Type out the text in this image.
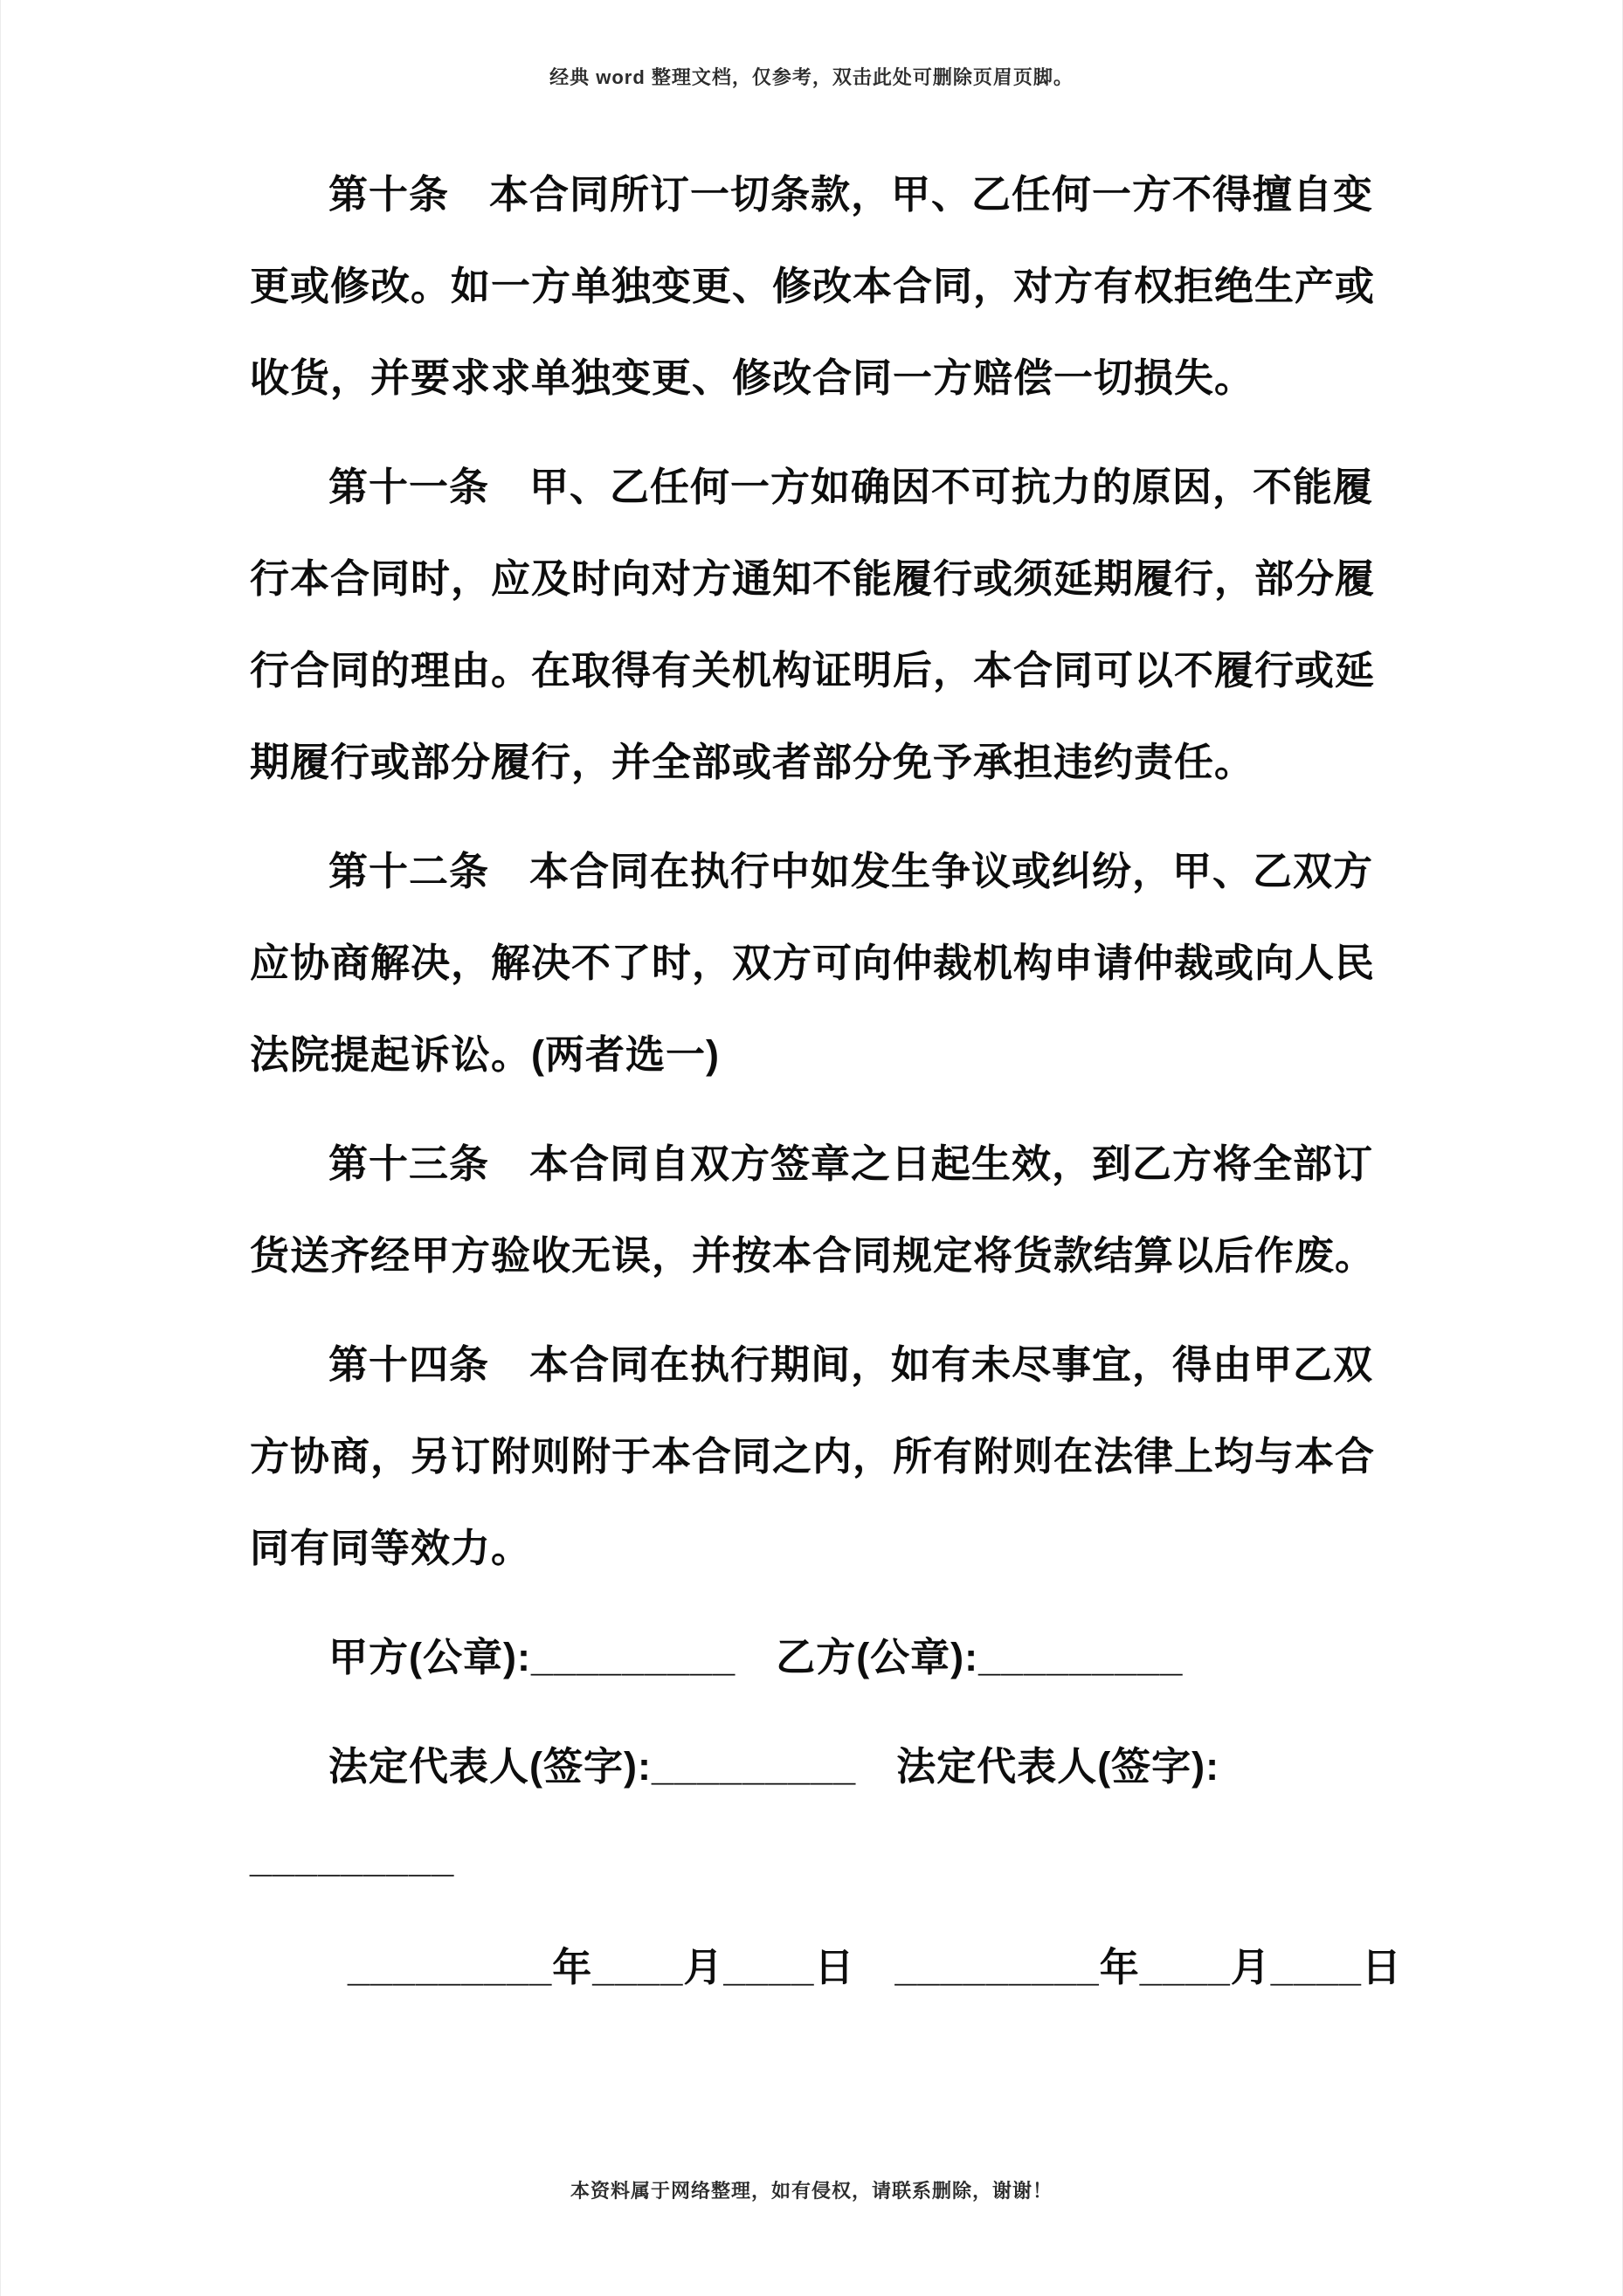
经典 word 整理文档，仅参考，双击此处可删除页眉页脚。
第十条　本合同所订一切条款，甲、乙任何一方不得擅自变
更或修改。如一方单独变更、修改本合同，对方有权拒绝生产或
收货，并要求求单独变更、修改合同一方赔偿一切损失。
第十一条　甲、乙任何一方如确因不可抗力的原因，不能履
行本合同时，应及时向对方通知不能履行或须延期履行，部分履
行合同的理由。在取得有关机构证明后，本合同可以不履行或延
期履行或部分履行，并全部或者部分免予承担违约责任。
第十二条　本合同在执行中如发生争议或纠纷，甲、乙双方
应协商解决，解决不了时，双方可向仲裁机构申请仲裁或向人民
法院提起诉讼。(两者选一)
第十三条　本合同自双方签章之日起生效，到乙方将全部订
货送齐经甲方验收无误，并按本合同规定将货款结算以后作废。
第十四条　本合同在执行期间，如有未尽事宜，得由甲乙双
方协商，另订附则附于本合同之内，所有附则在法律上均与本合
同有同等效力。
甲方(公章):_________　乙方(公章):_________
法定代表人(签字):_________　法定代表人(签字):
_________
_________年____月____日　_________年____月____日
本资料属于网络整理，如有侵权，请联系删除，谢谢！
